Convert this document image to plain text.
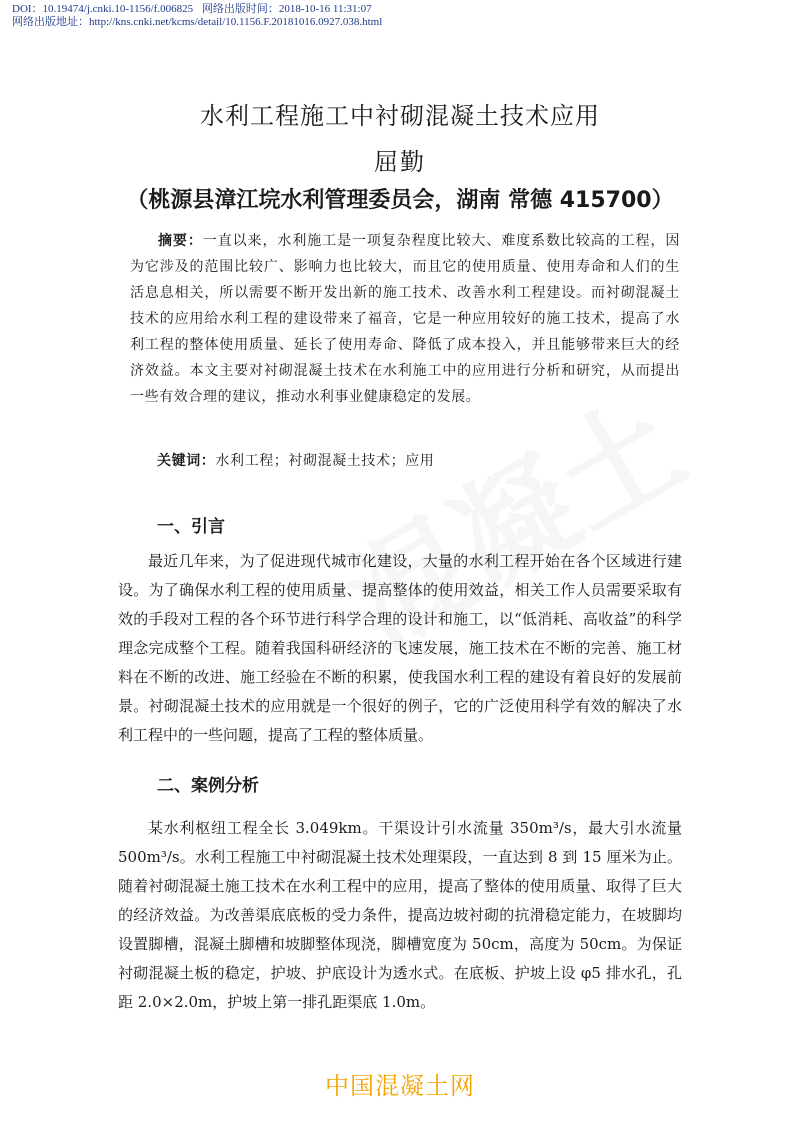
DOI：10.19474/j.cnki.10-1156/f.006825 网络出版时间：2018-10-16 11:31:07
网络出版地址：http://kns.cnki.net/kcms/detail/10.1156.F.20181016.0927.038.html
水利工程施工中衬砌混凝土技术应用
屈勤
（桃源县漳江垸水利管理委员会，湖南 常德 415700）
摘要：一直以来，水利施工是一项复杂程度比较大、难度系数比较高的工程，因为它涉及的范围比较广、影响力也比较大，而且它的使用质量、使用寿命和人们的生活息息相关，所以需要不断开发出新的施工技术、改善水利工程建设。而衬砌混凝土技术的应用给水利工程的建设带来了福音，它是一种应用较好的施工技术，提高了水利工程的整体使用质量、延长了使用寿命、降低了成本投入，并且能够带来巨大的经济效益。本文主要对衬砌混凝土技术在水利施工中的应用进行分析和研究，从而提出一些有效合理的建议，推动水利事业健康稳定的发展。
关键词：水利工程；衬砌混凝土技术；应用
一、引言
最近几年来，为了促进现代城市化建设，大量的水利工程开始在各个区域进行建设。为了确保水利工程的使用质量、提高整体的使用效益，相关工作人员需要采取有效的手段对工程的各个环节进行科学合理的设计和施工，以“低消耗、高收益”的科学理念完成整个工程。随着我国科研经济的飞速发展，施工技术在不断的完善、施工材料在不断的改进、施工经验在不断的积累，使我国水利工程的建设有着良好的发展前景。衬砌混凝土技术的应用就是一个很好的例子，它的广泛使用科学有效的解决了水利工程中的一些问题，提高了工程的整体质量。
二、案例分析
某水利枢纽工程全长 3.049km。干渠设计引水流量 350m³/s，最大引水流量 500m³/s。水利工程施工中衬砌混凝土技术处理渠段，一直达到 8 到 15 厘米为止。随着衬砌混凝土施工技术在水利工程中的应用，提高了整体的使用质量、取得了巨大的经济效益。为改善渠底底板的受力条件，提高边坡衬砌的抗滑稳定能力，在坡脚均设置脚槽，混凝土脚槽和坡脚整体现浇，脚槽宽度为 50cm，高度为 50cm。为保证衬砌混凝土板的稳定，护坡、护底设计为透水式。在底板、护坡上设 φ5 排水孔，孔距 2.0×2.0m，护坡上第一排孔距渠底 1.0m。
中国混凝土网
